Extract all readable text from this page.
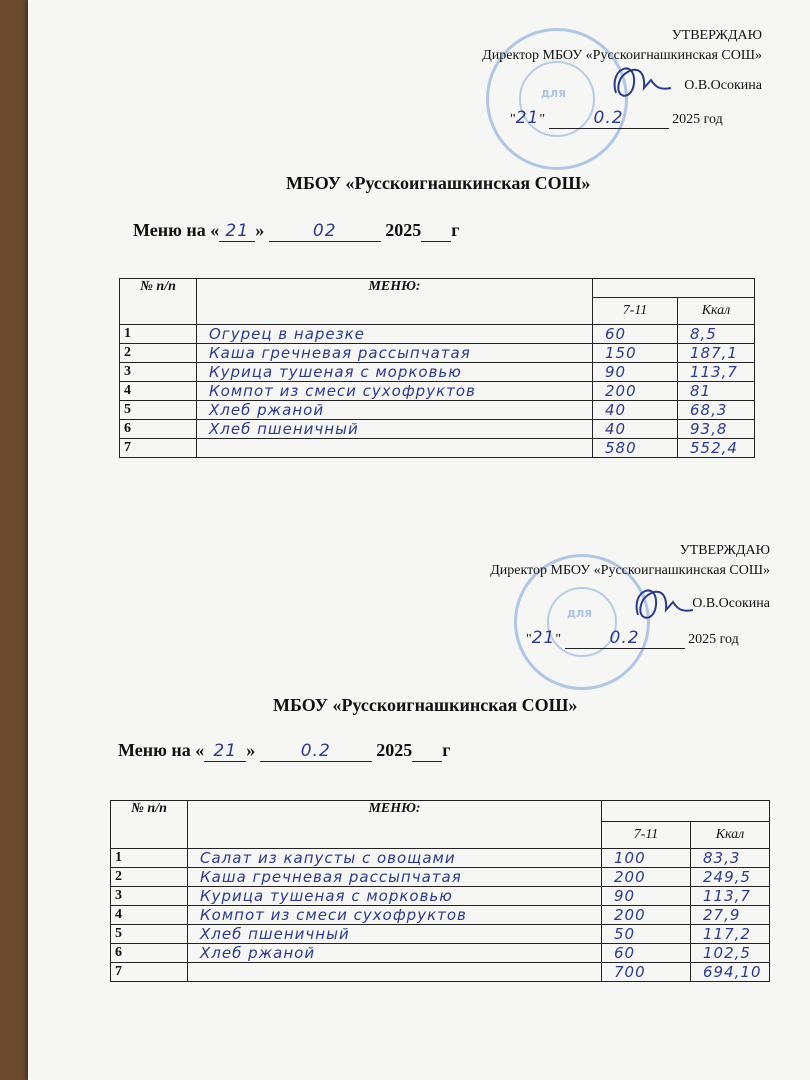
ДЛЯ
УТВЕРЖДАЮ
Директор МБОУ «Русскоигнашкинская СОШ»
О.В.Осокина
"21"	0.2	2025 год
МБОУ «Русскоигнашкинская СОШ»
Меню на « 21 »	02	2025 г
№ п/п	МЕНЮ:		
		7-11	Ккал
1	Огурец в нарезке	60	8,5
2	Каша гречневая рассыпчатая	150	187,1
3	Курица тушеная с морковью	90	113,7
4	Компот из смеси сухофруктов	200	81
5	Хлеб ржаной	40	68,3
6	Хлеб пшеничный	40	93,8
7		580	552,4
ДЛЯ
УТВЕРЖДАЮ
Директор МБОУ «Русскоигнашкинская СОШ»
О.В.Осокина
"21"	0.2	2025 год
МБОУ «Русскоигнашкинская СОШ»
Меню на « 21 » 0.2	2025 г
№ п/п	МЕНЮ:		
		7-11	Ккал
1	Салат из капусты с овощами	100	83,3
2	Каша гречневая рассыпчатая	200	249,5
3	Курица тушеная с морковью	90	113,7
4	Компот из смеси сухофруктов	200	27,9
5	Хлеб пшеничный	50	117,2
6	Хлеб ржаной	60	102,5
7		700	694,10
